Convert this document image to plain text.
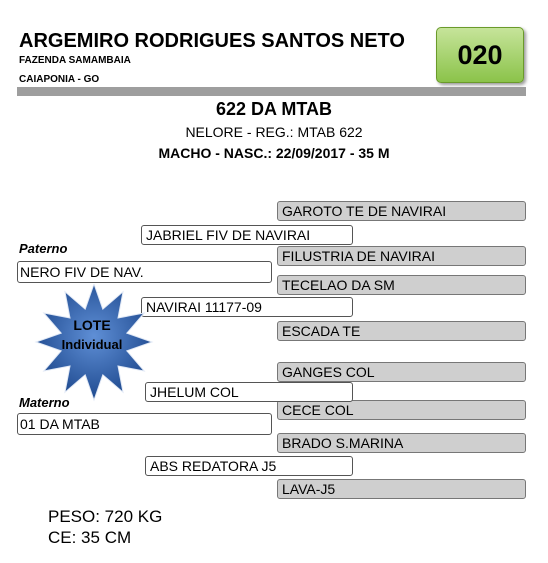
ARGEMIRO RODRIGUES SANTOS NETO
FAZENDA SAMAMBAIA
CAIAPONIA - GO
020
622 DA MTAB
NELORE - REG.: MTAB 622
MACHO - NASC.: 22/09/2017 - 35 M
GAROTO TE DE NAVIRAI
FILUSTRIA DE NAVIRAI
TECELAO DA SM
ESCADA TE
GANGES COL
CECE COL
BRADO S.MARINA
LAVA-J5
JABRIEL FIV DE NAVIRAI
NAVIRAI 11177-09
JHELUM COL
ABS REDATORA J5
Paterno
NERO FIV DE NAV.
Materno
01 DA MTAB
LOTE
Individual
PESO: 720 KG
CE: 35 CM
